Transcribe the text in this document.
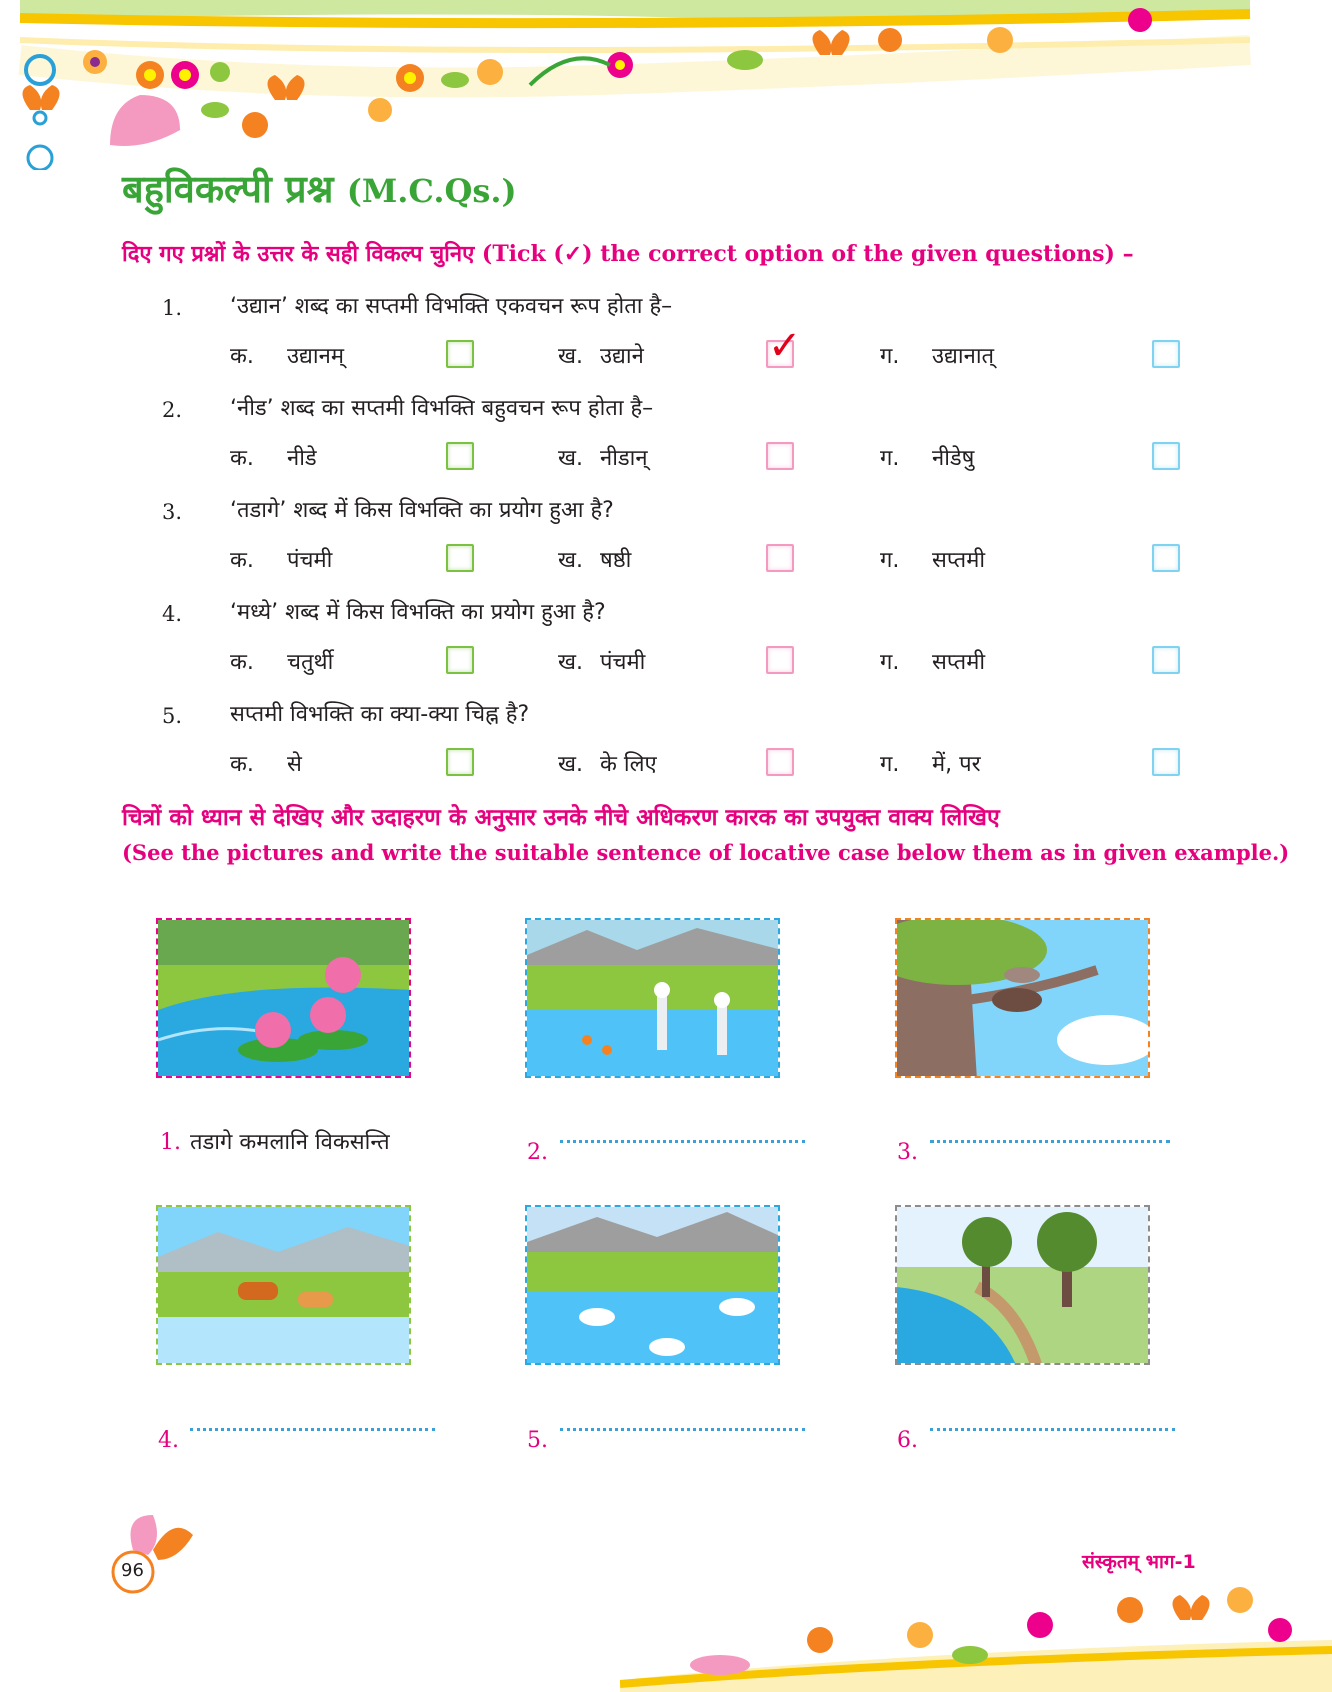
बहुविकल्पी प्रश्न (M.C.Qs.)
दिए गए प्रश्नों के उत्तर के सही विकल्प चुनिए (Tick (✓) the correct option of the given questions) –
1.	‘उद्यान’ शब्द का सप्तमी विभक्ति एकवचन रूप होता है–
क. उद्यानम्	ख. उद्याने	✓	ग. उद्यानात्
2.	‘नीड’ शब्द का सप्तमी विभक्ति बहुवचन रूप होता है–
क. नीडे	ख. नीडान्	ग. नीडेषु
3.	‘तडागे’ शब्द में किस विभक्ति का प्रयोग हुआ है?
क. पंचमी	ख. षष्ठी	ग. सप्तमी
4.	‘मध्ये’ शब्द में किस विभक्ति का प्रयोग हुआ है?
क. चतुर्थी	ख. पंचमी	ग. सप्तमी
5.	सप्तमी विभक्ति का क्या-क्या चिह्न है?
क. से	ख. के लिए	ग. में, पर
चित्रों को ध्यान से देखिए और उदाहरण के अनुसार उनके नीचे अधिकरण कारक का उपयुक्त वाक्य लिखिए
(See the pictures and write the suitable sentence of locative case below them as in given example.)
1. तडागे कमलानि विकसन्ति	2.	3.
4.	5.	6.
96	संस्कृतम् भाग-1
